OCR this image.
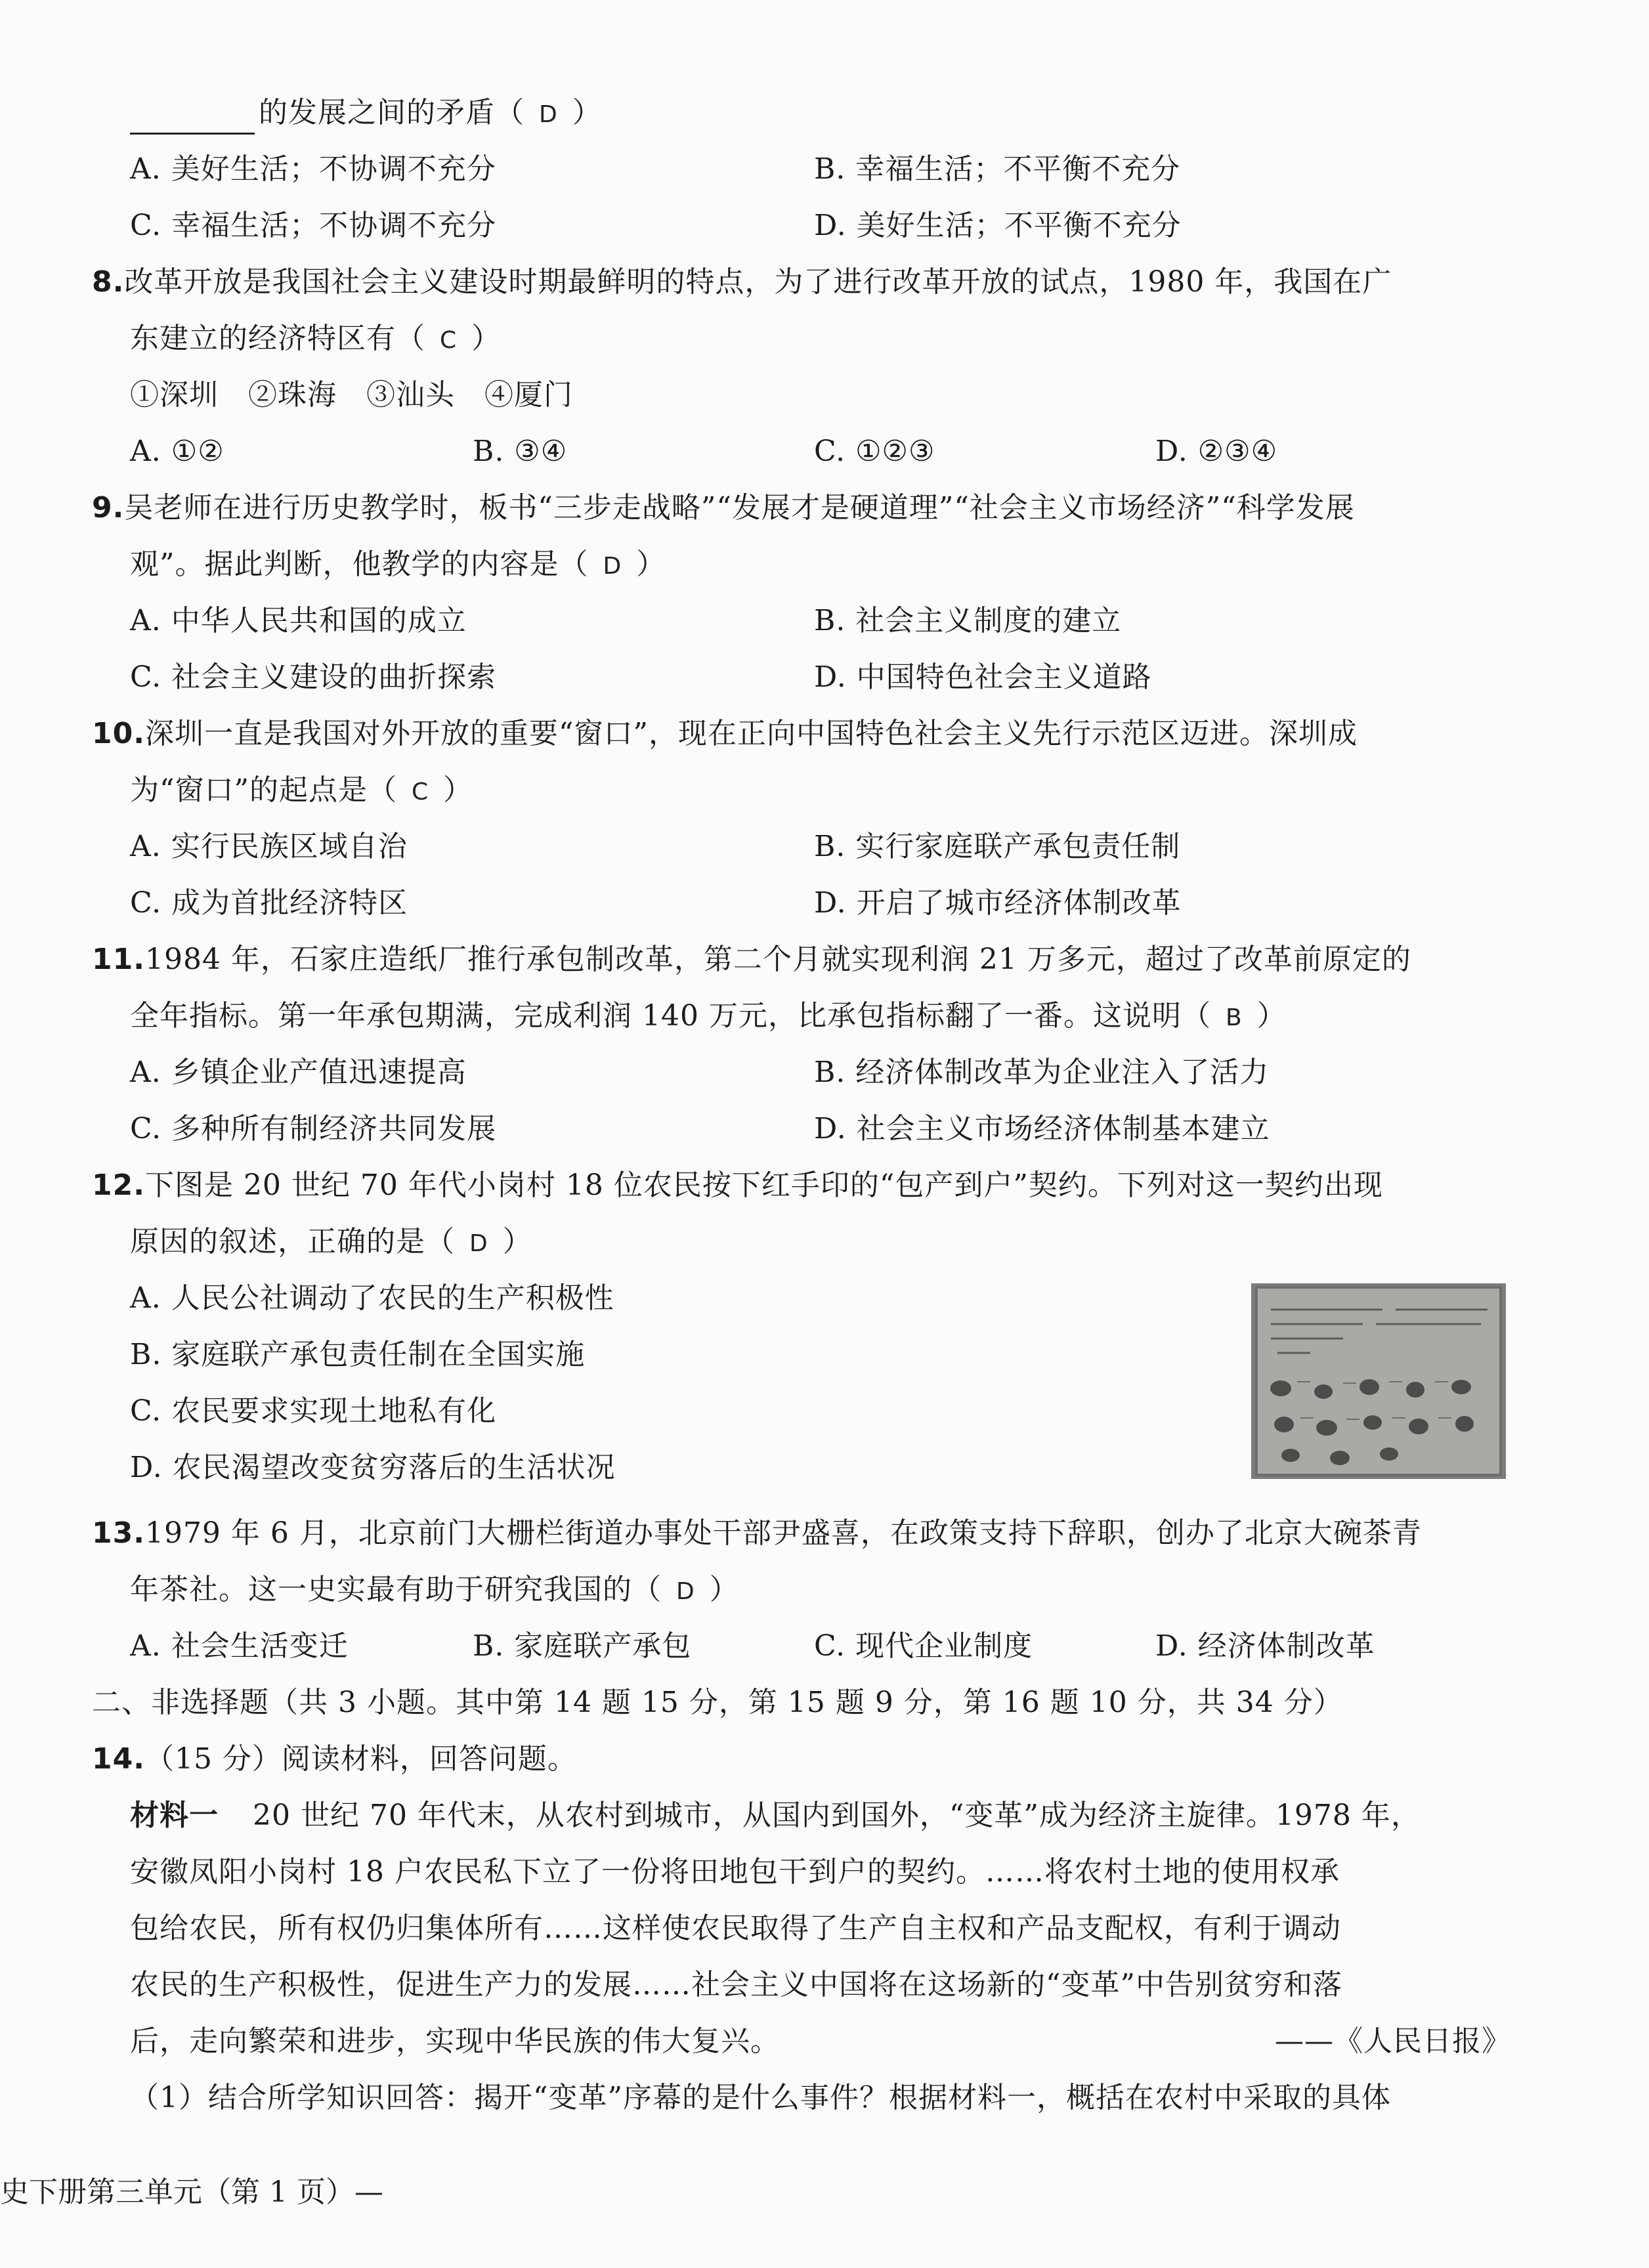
的发展之间的矛盾（ D ）
A. 美好生活；不协调不充分	B. 幸福生活；不平衡不充分
C. 幸福生活；不协调不充分	D. 美好生活；不平衡不充分
8.改革开放是我国社会主义建设时期最鲜明的特点，为了进行改革开放的试点，1980 年，我国在广
东建立的经济特区有（ C ）
①深圳　②珠海　③汕头　④厦门
A. ①②	B. ③④	C. ①②③	D. ②③④
9.吴老师在进行历史教学时，板书“三步走战略”“发展才是硬道理”“社会主义市场经济”“科学发展
观”。据此判断，他教学的内容是（ D ）
A. 中华人民共和国的成立	B. 社会主义制度的建立
C. 社会主义建设的曲折探索	D. 中国特色社会主义道路
10.深圳一直是我国对外开放的重要“窗口”，现在正向中国特色社会主义先行示范区迈进。深圳成
为“窗口”的起点是（ C ）
A. 实行民族区域自治	B. 实行家庭联产承包责任制
C. 成为首批经济特区	D. 开启了城市经济体制改革
11.1984 年，石家庄造纸厂推行承包制改革，第二个月就实现利润 21 万多元，超过了改革前原定的
全年指标。第一年承包期满，完成利润 140 万元，比承包指标翻了一番。这说明（ B ）
A. 乡镇企业产值迅速提高	B. 经济体制改革为企业注入了活力
C. 多种所有制经济共同发展	D. 社会主义市场经济体制基本建立
12.下图是 20 世纪 70 年代小岗村 18 位农民按下红手印的“包产到户”契约。下列对这一契约出现
原因的叙述，正确的是（ D ）
A. 人民公社调动了农民的生产积极性
B. 家庭联产承包责任制在全国实施
C. 农民要求实现土地私有化
D. 农民渴望改变贫穷落后的生活状况
13.1979 年 6 月，北京前门大栅栏街道办事处干部尹盛喜，在政策支持下辞职，创办了北京大碗茶青
年茶社。这一史实最有助于研究我国的（ D ）
A. 社会生活变迁	B. 家庭联产承包	C. 现代企业制度	D. 经济体制改革
二、非选择题（共 3 小题。其中第 14 题 15 分，第 15 题 9 分，第 16 题 10 分，共 34 分）
14.（15 分）阅读材料，回答问题。
材料一 20 世纪 70 年代末，从农村到城市，从国内到国外，“变革”成为经济主旋律。1978 年，
安徽凤阳小岗村 18 户农民私下立了一份将田地包干到户的契约。……将农村土地的使用权承
包给农民，所有权仍归集体所有……这样使农民取得了生产自主权和产品支配权，有利于调动
农民的生产积极性，促进生产力的发展……社会主义中国将在这场新的“变革”中告别贫穷和落
后，走向繁荣和进步，实现中华民族的伟大复兴。	——《人民日报》
（1）结合所学知识回答：揭开“变革”序幕的是什么事件？根据材料一，概括在农村中采取的具体
史下册第三单元（第 1 页）—
